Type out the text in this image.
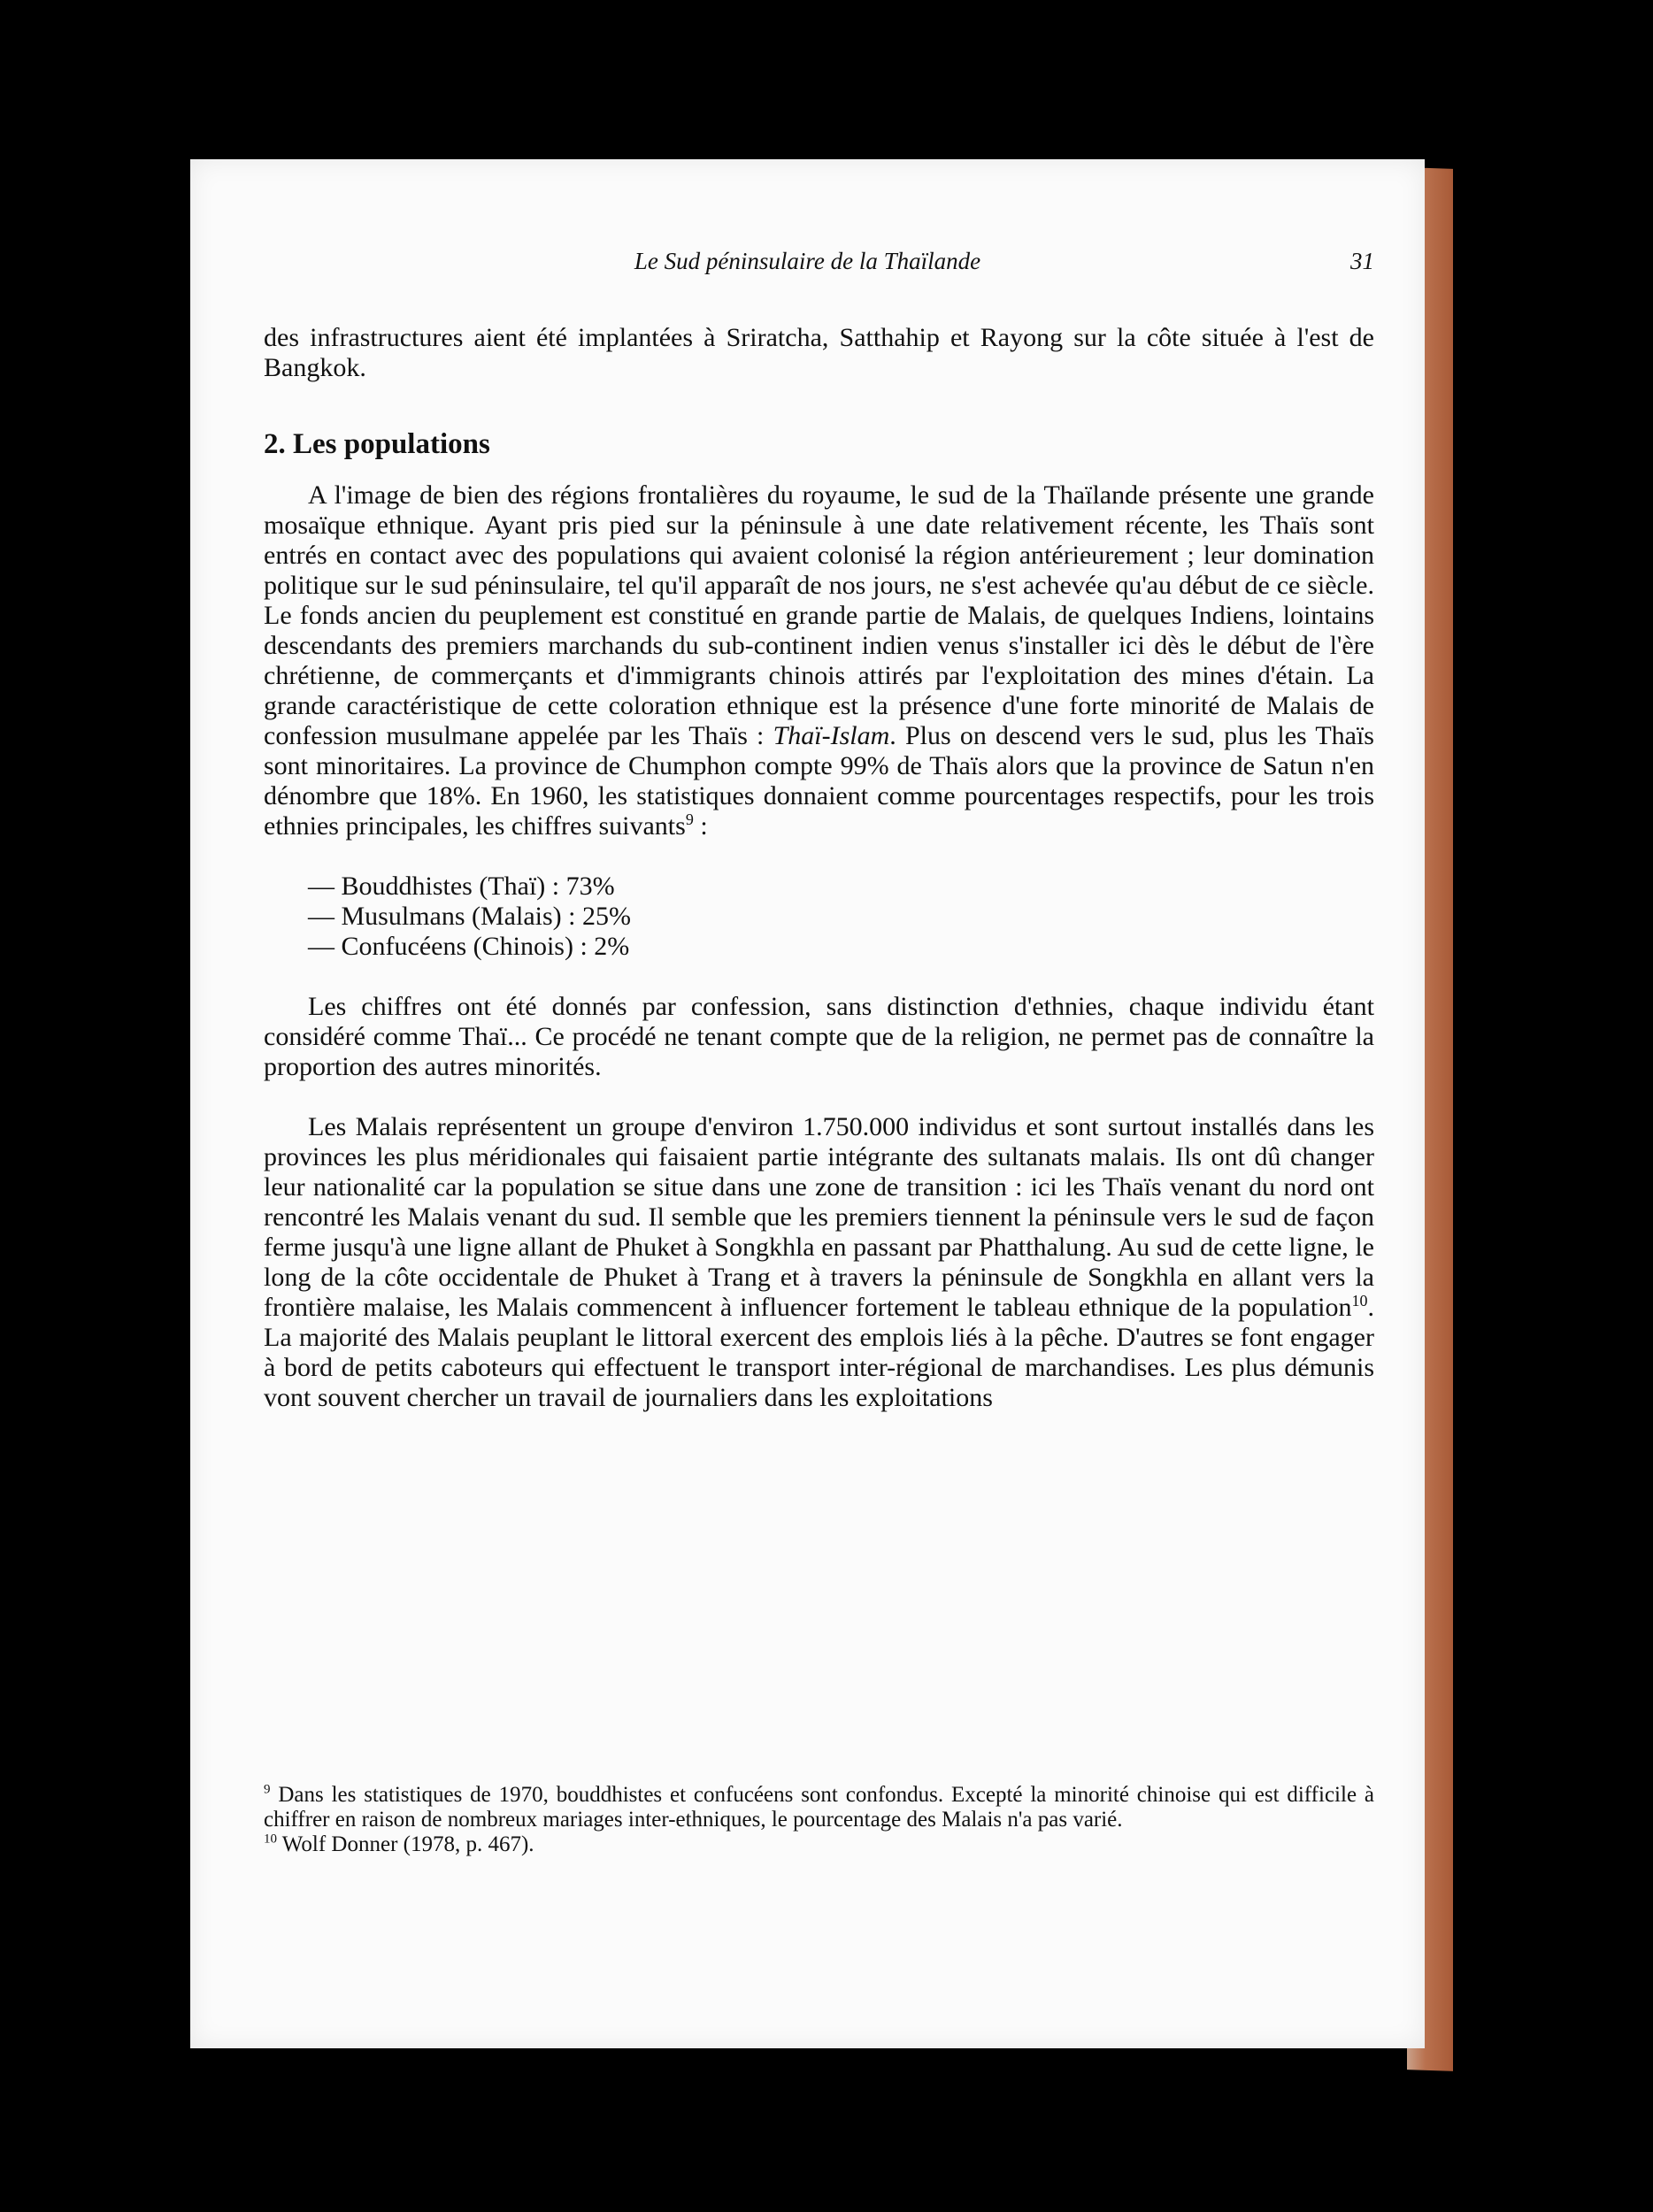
Le Sud péninsulaire de la Thaïlande	31

des infrastructures aient été implantées à Sriratcha, Satthahip et Rayong sur la côte située à l'est de Bangkok.

2. Les populations

A l'image de bien des régions frontalières du royaume, le sud de la Thaïlande présente une grande mosaïque ethnique. Ayant pris pied sur la péninsule à une date relativement récente, les Thaïs sont entrés en contact avec des populations qui avaient colonisé la région antérieurement ; leur domination politique sur le sud péninsulaire, tel qu'il apparaît de nos jours, ne s'est achevée qu'au début de ce siècle. Le fonds ancien du peuplement est constitué en grande partie de Malais, de quelques Indiens, lointains descendants des premiers marchands du sub-continent indien venus s'installer ici dès le début de l'ère chrétienne, de commerçants et d'immigrants chinois attirés par l'exploitation des mines d'étain. La grande caractéristique de cette coloration ethnique est la présence d'une forte minorité de Malais de confession musulmane appelée par les Thaïs : Thaï-Islam. Plus on descend vers le sud, plus les Thaïs sont minoritaires. La province de Chumphon compte 99% de Thaïs alors que la province de Satun n'en dénombre que 18%. En 1960, les statistiques donnaient comme pourcentages respectifs, pour les trois ethnies principales, les chiffres suivants$^9$ :

— Bouddhistes (Thaï) : 73%
— Musulmans (Malais) : 25%
— Confucéens (Chinois) : 2%

Les chiffres ont été donnés par confession, sans distinction d'ethnies, chaque individu étant considéré comme Thaï... Ce procédé ne tenant compte que de la religion, ne permet pas de connaître la proportion des autres minorités.

Les Malais représentent un groupe d'environ 1.750.000 individus et sont surtout installés dans les provinces les plus méridionales qui faisaient partie intégrante des sultanats malais. Ils ont dû changer leur nationalité car la population se situe dans une zone de transition : ici les Thaïs venant du nord ont rencontré les Malais venant du sud. Il semble que les premiers tiennent la péninsule vers le sud de façon ferme jusqu'à une ligne allant de Phuket à Songkhla en passant par Phatthalung. Au sud de cette ligne, le long de la côte occidentale de Phuket à Trang et à travers la péninsule de Songkhla en allant vers la frontière malaise, les Malais commencent à influencer fortement le tableau ethnique de la population$^{10}$. La majorité des Malais peuplant le littoral exercent des emplois liés à la pêche. D'autres se font engager à bord de petits caboteurs qui effectuent le transport inter-régional de marchandises. Les plus démunis vont souvent chercher un travail de journaliers dans les exploitations

$^9$ Dans les statistiques de 1970, bouddhistes et confucéens sont confondus. Excepté la minorité chinoise qui est difficile à chiffrer en raison de nombreux mariages inter-ethniques, le pourcentage des Malais n'a pas varié.

$^{10}$ Wolf Donner (1978, p. 467).
